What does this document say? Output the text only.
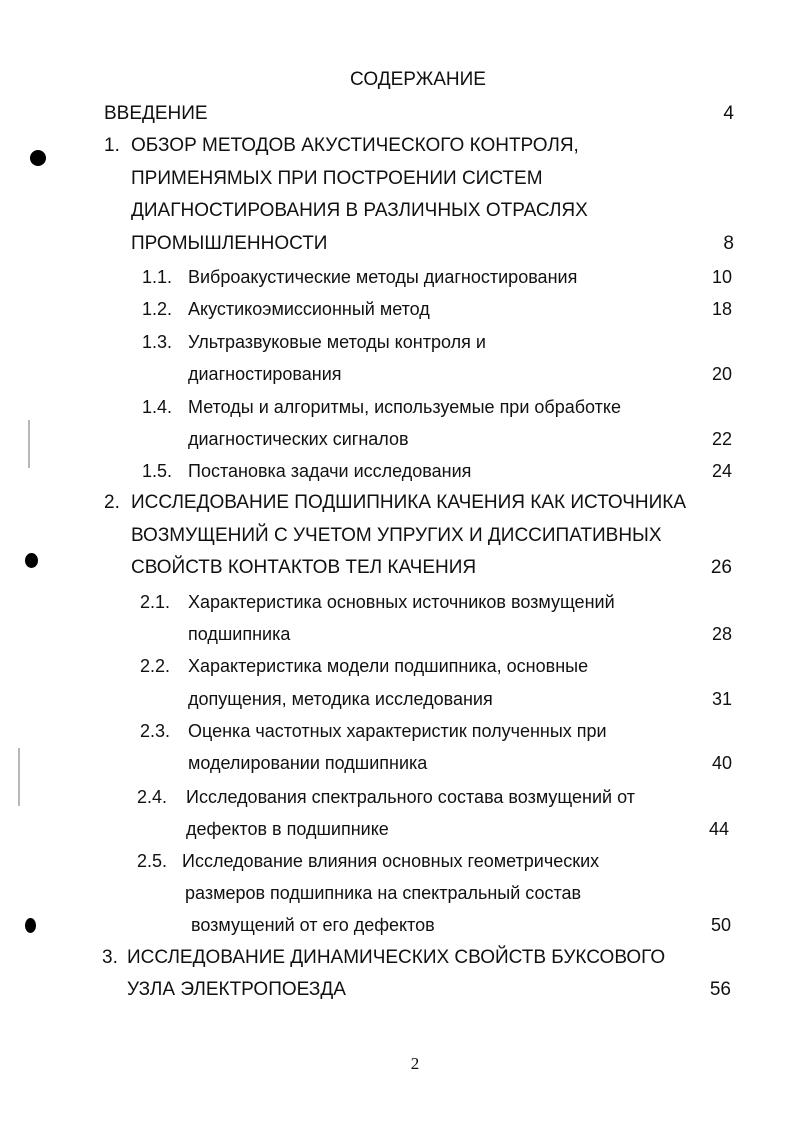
СОДЕРЖАНИЕ
ВВЕДЕНИЕ	4
1. ОБЗОР МЕТОДОВ АКУСТИЧЕСКОГО КОНТРОЛЯ,
ПРИМЕНЯМЫХ ПРИ ПОСТРОЕНИИ СИСТЕМ
ДИАГНОСТИРОВАНИЯ В РАЗЛИЧНЫХ ОТРАСЛЯХ
ПРОМЫШЛЕННОСТИ	8
1.1. Виброакустические методы диагностирования	10
1.2. Акустикоэмиссионный метод	18
1.3. Ультразвуковые методы контроля и
диагностирования	20
1.4. Методы и алгоритмы, используемые при обработке
диагностических сигналов	22
1.5. Постановка задачи исследования	24
2. ИССЛЕДОВАНИЕ ПОДШИПНИКА КАЧЕНИЯ КАК ИСТОЧНИКА
ВОЗМУЩЕНИЙ С УЧЕТОМ УПРУГИХ И ДИССИПАТИВНЫХ
СВОЙСТВ КОНТАКТОВ ТЕЛ КАЧЕНИЯ	26
2.1. Характеристика основных источников возмущений
подшипника	28
2.2. Характеристика модели подшипника, основные
допущения, методика исследования	31
2.3. Оценка частотных характеристик полученных при
моделировании подшипника	40
2.4. Исследования спектрального состава возмущений от
дефектов в подшипнике	44
2.5. Исследование влияния основных геометрических
размеров подшипника на спектральный состав
возмущений от его дефектов	50
3. ИССЛЕДОВАНИЕ ДИНАМИЧЕСКИХ СВОЙСТВ БУКСОВОГО
УЗЛА ЭЛЕКТРОПОЕЗДА	56
2
